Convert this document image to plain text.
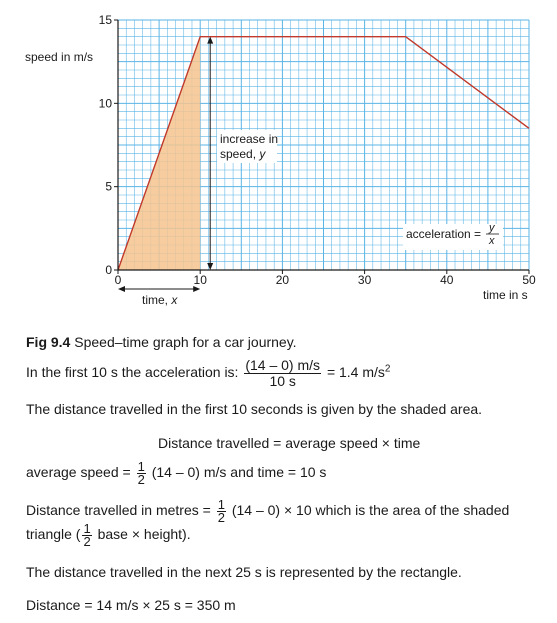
0	10	20	30	40	50
0
5
10
15
speed in m/s
time in s
increase in
speed, y
time, x
acceleration = y
x
Fig 9.4 Speed–time graph for a car journey.
In the first 10 s the acceleration is: $\frac{(14 - 0) m/s}{10 s} = 1.4$ $m/s^2$
The distance travelled in the first 10 seconds is given by the shaded area.
Distance travelled = average speed × time
average speed = $\frac{1}{2} (14 - 0)$ m/s and time = 10 s
Distance travelled in metres = $\frac{1}{2} (14 - 0) \times 10$ which is the area of the shaded
triangle ( $\frac{1}{2}$ base × height).
The distance travelled in the next 25 s is represented by the rectangle.
Distance = 14 m/s × 25 s = 350 m
